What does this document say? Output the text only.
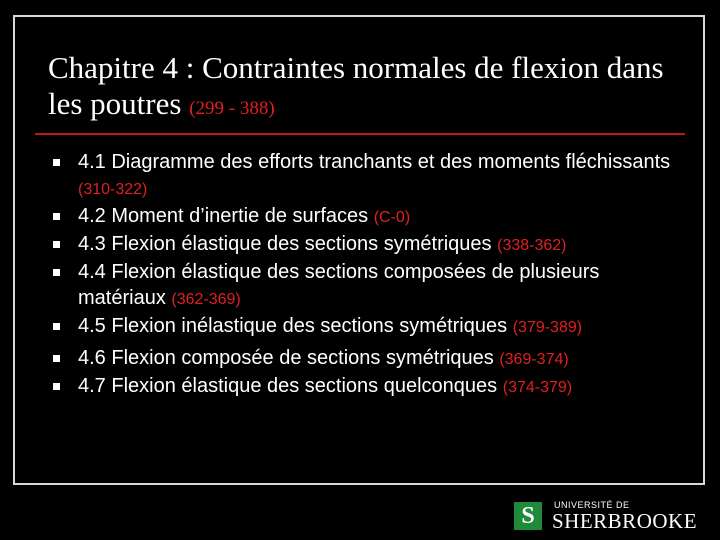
Chapitre 4 : Contraintes normales de flexion dans les poutres (299 - 388)
4.1 Diagramme des efforts tranchants et des moments fléchissants (310-322)
4.2 Moment d’inertie de surfaces (C-0)
4.3 Flexion élastique des sections symétriques (338-362)
4.4 Flexion élastique des sections composées de plusieurs matériaux (362-369)
4.5 Flexion inélastique des sections symétriques (379-389)
4.6 Flexion composée de sections symétriques (369-374)
4.7 Flexion élastique des sections quelconques (374-379)
S	UNIVERSITÉ DE
SHERBROOKE
